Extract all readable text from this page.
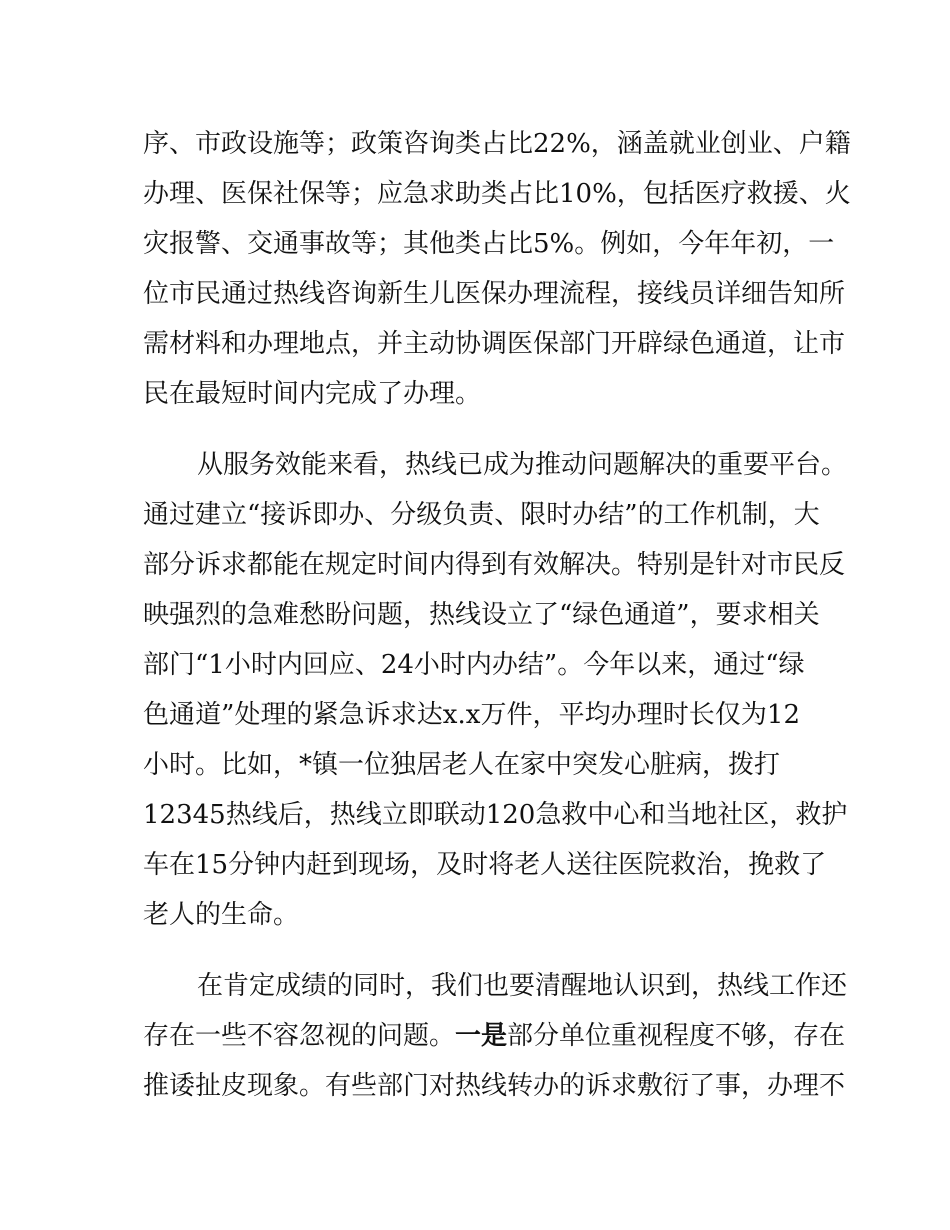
序、市政设施等；政策咨询类占比22%，涵盖就业创业、户籍
办理、医保社保等；应急求助类占比10%，包括医疗救援、火
灾报警、交通事故等；其他类占比5%。例如，今年年初，一
位市民通过热线咨询新生儿医保办理流程，接线员详细告知所
需材料和办理地点，并主动协调医保部门开辟绿色通道，让市
民在最短时间内完成了办理。
从服务效能来看，热线已成为推动问题解决的重要平台。
通过建立“接诉即办、分级负责、限时办结”的工作机制，大
部分诉求都能在规定时间内得到有效解决。特别是针对市民反
映强烈的急难愁盼问题，热线设立了“绿色通道”，要求相关
部门“1小时内回应、24小时内办结”。今年以来，通过“绿
色通道”处理的紧急诉求达x.x万件，平均办理时长仅为12
小时。比如，*镇一位独居老人在家中突发心脏病，拨打
12345热线后，热线立即联动120急救中心和当地社区，救护
车在15分钟内赶到现场，及时将老人送往医院救治，挽救了
老人的生命。
在肯定成绩的同时，我们也要清醒地认识到，热线工作还
存在一些不容忽视的问题。一是部分单位重视程度不够，存在
推诿扯皮现象。有些部门对热线转办的诉求敷衍了事，办理不
